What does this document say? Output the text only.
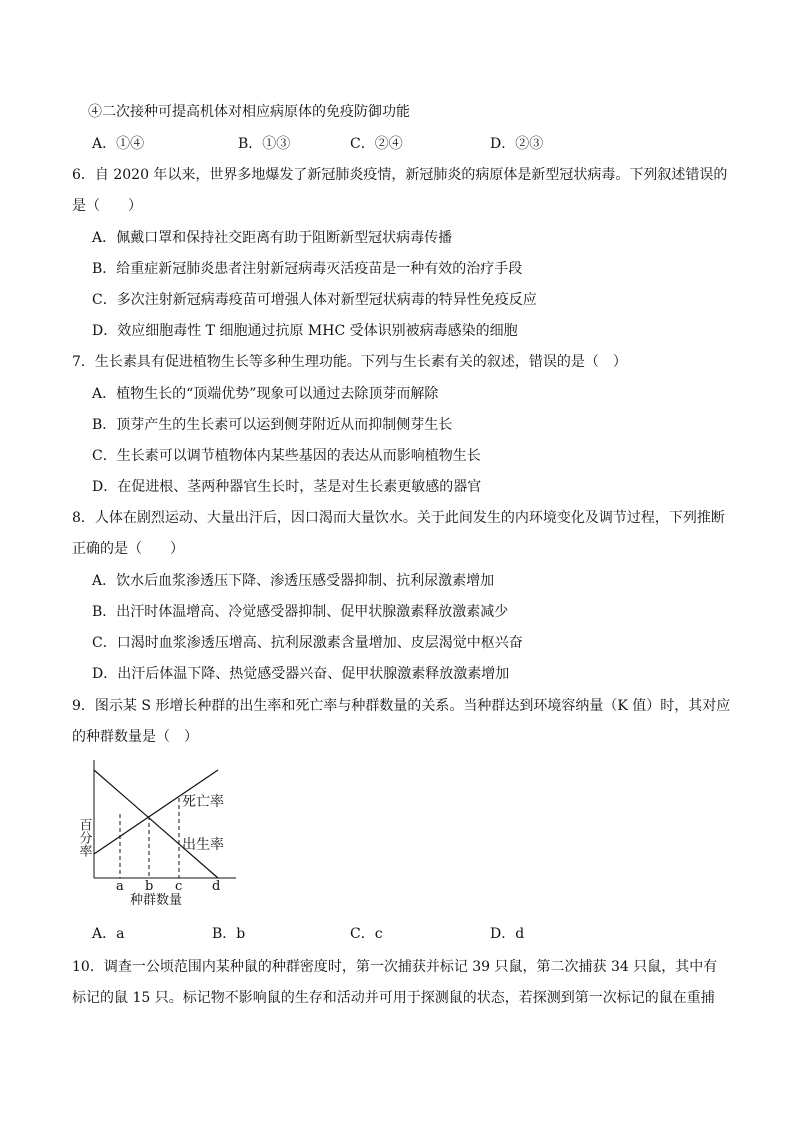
④二次接种可提高机体对相应病原体的免疫防御功能
A．①④	B．①③	C．②④	D．②③
6．自 2020 年以来，世界多地爆发了新冠肺炎疫情，新冠肺炎的病原体是新型冠状病毒。下列叙述错误的
是（　　）
A．佩戴口罩和保持社交距离有助于阻断新型冠状病毒传播
B．给重症新冠肺炎患者注射新冠病毒灭活疫苗是一种有效的治疗手段
C．多次注射新冠病毒疫苗可增强人体对新型冠状病毒的特异性免疫反应
D．效应细胞毒性 T 细胞通过抗原 MHC 受体识别被病毒感染的细胞
7．生长素具有促进植物生长等多种生理功能。下列与生长素有关的叙述，错误的是（　）
A．植物生长的“顶端优势”现象可以通过去除顶芽而解除
B．顶芽产生的生长素可以运到侧芽附近从而抑制侧芽生长
C．生长素可以调节植物体内某些基因的表达从而影响植物生长
D．在促进根、茎两种器官生长时，茎是对生长素更敏感的器官
8．人体在剧烈运动、大量出汗后，因口渴而大量饮水。关于此间发生的内环境变化及调节过程，下列推断
正确的是（　　）
A．饮水后血浆渗透压下降、渗透压感受器抑制、抗利尿激素增加
B．出汗时体温增高、冷觉感受器抑制、促甲状腺激素释放激素减少
C．口渴时血浆渗透压增高、抗利尿激素含量增加、皮层渴觉中枢兴奋
D．出汗后体温下降、热觉感受器兴奋、促甲状腺激素释放激素增加
9．图示某 S 形增长种群的出生率和死亡率与种群数量的关系。当种群达到环境容纳量（K 值）时，其对应
的种群数量是（　）
百分率
死亡率
出生率
a b c d
种群数量
A．a	B．b	C．c	D．d
10．调查一公顷范围内某种鼠的种群密度时，第一次捕获并标记 39 只鼠，第二次捕获 34 只鼠，其中有
标记的鼠 15 只。标记物不影响鼠的生存和活动并可用于探测鼠的状态，若探测到第一次标记的鼠在重捕
